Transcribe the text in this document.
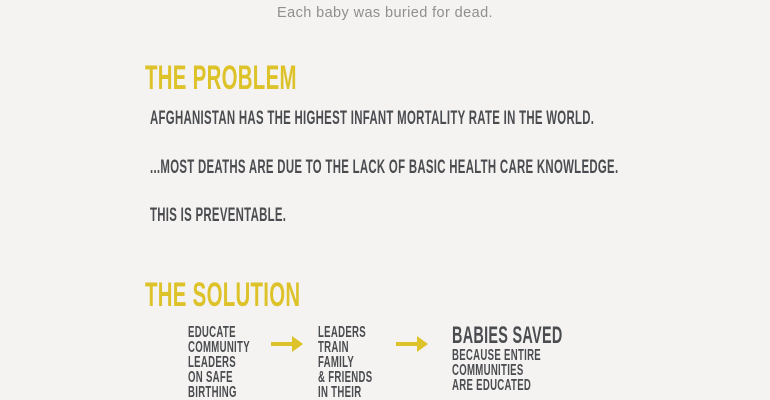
Each baby was buried for dead.
THE PROBLEM
AFGHANISTAN HAS THE HIGHEST INFANT MORTALITY RATE IN THE WORLD.
...MOST DEATHS ARE DUE TO THE LACK OF BASIC HEALTH CARE KNOWLEDGE.
THIS IS PREVENTABLE.
THE SOLUTION
EDUCATE
COMMUNITY
LEADERS
ON SAFE
BIRTHING
LEADERS
TRAIN
FAMILY
& FRIENDS
IN THEIR
BABIES SAVED
BECAUSE ENTIRE
COMMUNITIES
ARE EDUCATED
